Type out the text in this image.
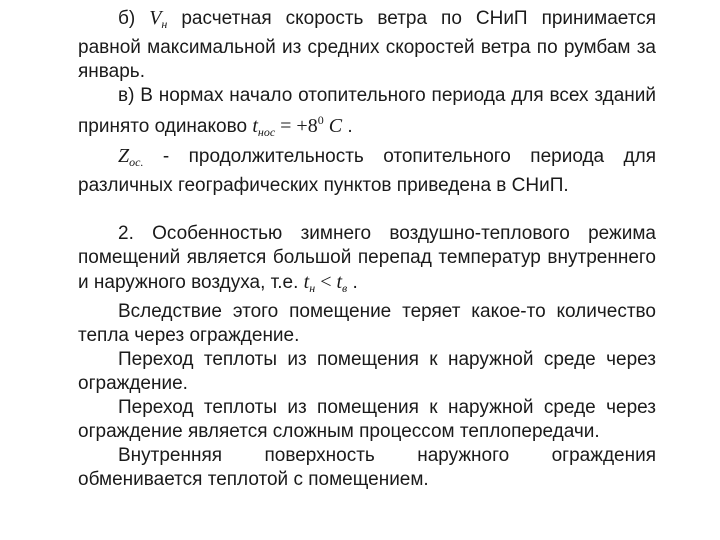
б) $V_н$ расчетная скорость ветра по СНиП принимается равной максимальной из средних скоростей ветра по румбам за январь.

в) В нормах начало отопительного периода для всех зданий принято одинаково $t_{нос} = +8^0$ C .

$Z_{ос.}$ - продолжительность отопительного периода для различных географических пунктов приведена в СНиП.

2. Особенностью зимнего воздушно-теплового режима помещений является большой перепад температур внутреннего и наружного воздуха, т.е. $t_н < t_в$ .

Вследствие этого помещение теряет какое-то количество тепла через ограждение.

Переход теплоты из помещения к наружной среде через ограждение.

Переход теплоты из помещения к наружной среде через ограждение является сложным процессом теплопередачи.

Внутренняя поверхность наружного ограждения обменивается теплотой с помещением.
